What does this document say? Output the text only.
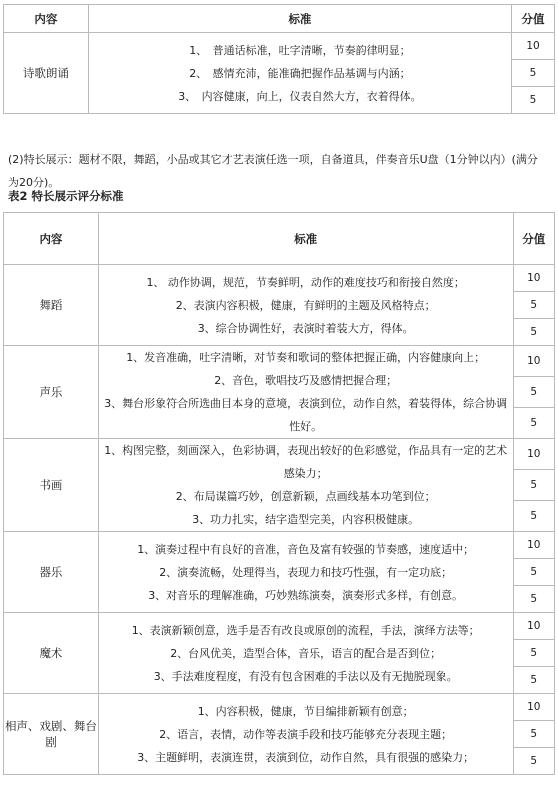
内容	标准	分值
诗歌朗诵	1、　普通话标准，吐字清晰，节奏韵律明显；
2、　感情充沛，能准确把握作品基调与内涵；
3、　内容健康，向上，仪表自然大方，衣着得体。	10
		5
		5

(2)特长展示：题材不限，舞蹈，小品或其它才艺表演任选一项，自备道具，伴奏音乐U盘（1分钟以内）(满分为20分)。

表2 特长展示评分标准

内容	标准	分值
舞蹈	1、 动作协调，规范，节奏鲜明，动作的难度技巧和衔接自然度；
2、表演内容积极，健康，有鲜明的主题及风格特点；
3、综合协调性好，表演时着装大方，得体。	10
		5
		5
声乐	1、发音准确，吐字清晰，对节奏和歌词的整体把握正确，内容健康向上；
2、音色，歌唱技巧及感情把握合理；
3、舞台形象符合所选曲目本身的意境，表演到位，动作自然，着装得体，综合协调性好。	10
		5
		5
书画	1、构图完整，刻画深入，色彩协调，表现出较好的色彩感觉，作品具有一定的艺术感染力；
2、布局谋篇巧妙，创意新颖，点画线基本功笔到位；
3、功力扎实，结字造型完美，内容积极健康。	10
		5
		5
器乐	1、演奏过程中有良好的音准，音色及富有较强的节奏感，速度适中；
2、演奏流畅，处理得当，表现力和技巧性强，有一定功底；
3、对音乐的理解准确，巧妙熟练演奏，演奏形式多样，有创意。	10
		5
		5
魔术	1、表演新颖创意，选手是否有改良或原创的流程，手法，演绎方法等；
2、台风优美，造型合体，音乐，语言的配合是否到位；
3、手法难度程度，有没有包含困难的手法以及有无抛脱现象。	10
		5
		5
相声、戏剧、舞台剧	1、内容积极，健康，节目编排新颖有创意；
2、语言，表情，动作等表演手段和技巧能够充分表现主题；
3、主题鲜明，表演连贯，表演到位，动作自然，具有很强的感染力；	10
		5
		5
